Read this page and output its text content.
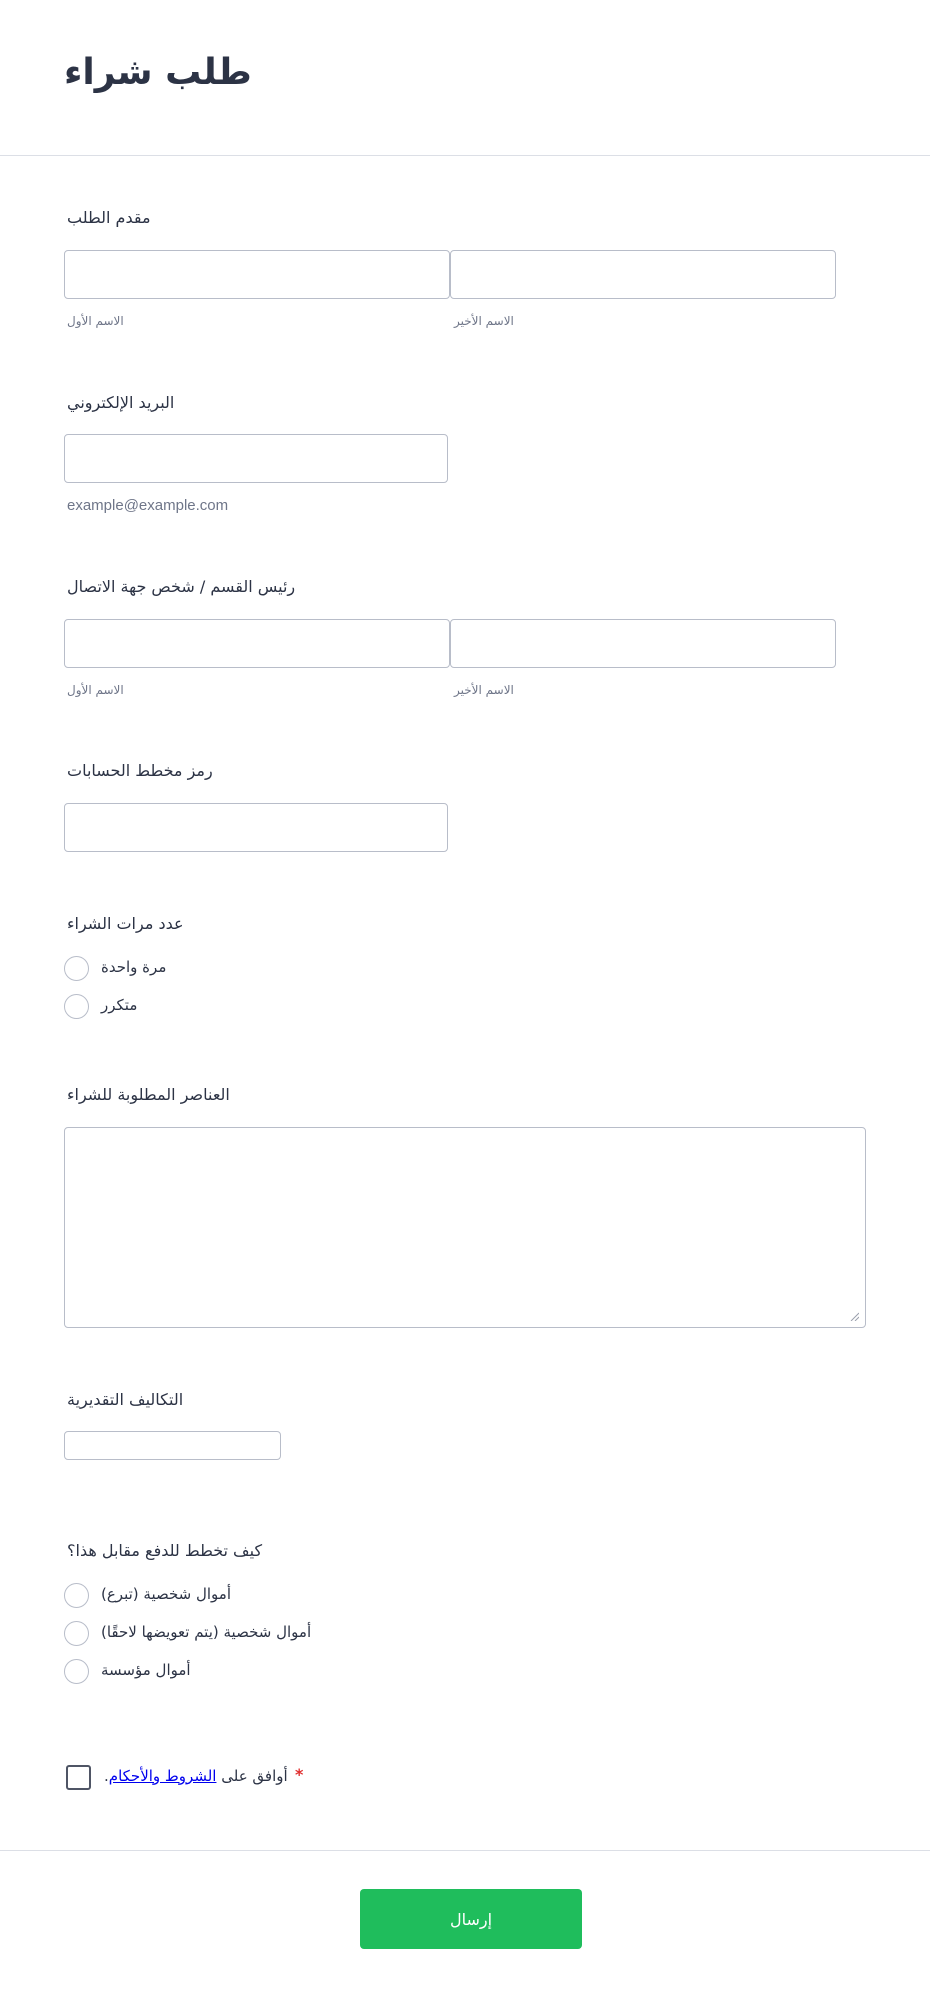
طلب شراء
مقدم الطلب
الاسم الأول	الاسم الأخير
البريد الإلكتروني
example@example.com
رئيس القسم / شخص جهة الاتصال
الاسم الأول	الاسم الأخير
رمز مخطط الحسابات
عدد مرات الشراء
مرة واحدة
متكرر
العناصر المطلوبة للشراء
التكاليف التقديرية
كيف تخطط للدفع مقابل هذا؟
أموال شخصية (تبرع)
أموال شخصية (يتم تعويضها لاحقًا)
أموال مؤسسة
أوافق على الشروط والأحكام.	*
إرسال
